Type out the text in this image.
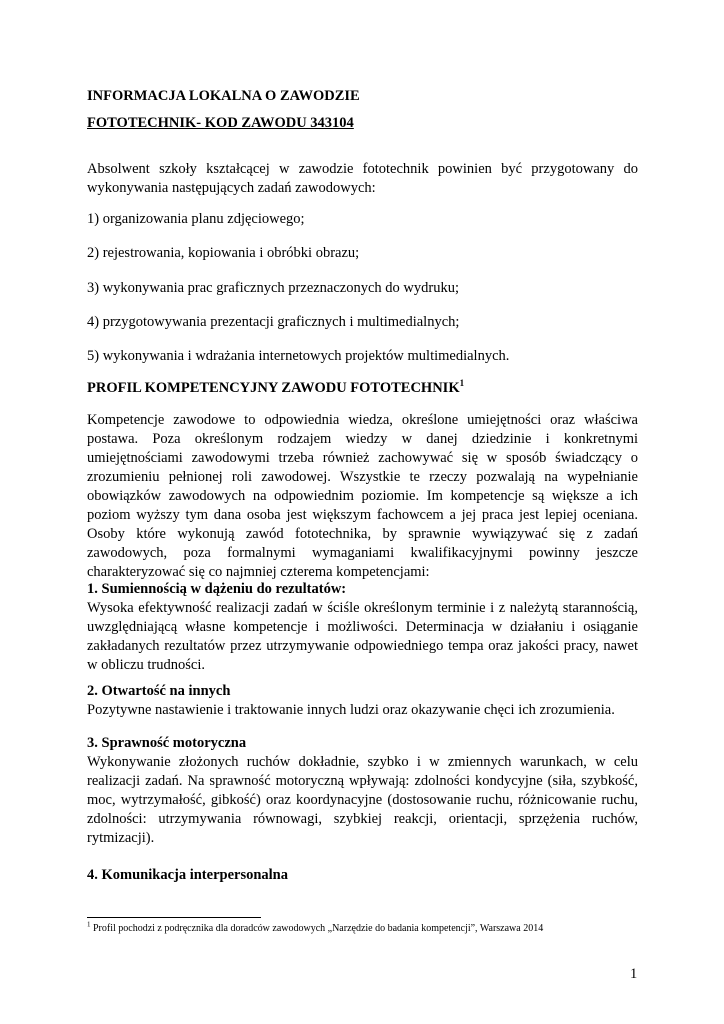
INFORMACJA LOKALNA O ZAWODZIE

FOTOTECHNIK- KOD ZAWODU 343104

Absolwent szkoły kształcącej w zawodzie fototechnik powinien być przygotowany do wykonywania następujących zadań zawodowych:

1) organizowania planu zdjęciowego;

2) rejestrowania, kopiowania i obróbki obrazu;

3) wykonywania prac graficznych przeznaczonych do wydruku;

4) przygotowywania prezentacji graficznych i multimedialnych;

5) wykonywania i wdrażania internetowych projektów multimedialnych.

PROFIL KOMPETENCYJNY ZAWODU FOTOTECHNIK$^1$

Kompetencje zawodowe to odpowiednia wiedza, określone umiejętności oraz właściwa postawa. Poza określonym rodzajem wiedzy w danej dziedzinie i konkretnymi umiejętnościami zawodowymi trzeba również zachowywać się w sposób świadczący o zrozumieniu pełnionej roli zawodowej. Wszystkie te rzeczy pozwalają na wypełnianie obowiązków zawodowych na odpowiednim poziomie. Im kompetencje są większe a ich poziom wyższy tym dana osoba jest większym fachowcem a jej praca jest lepiej oceniana. Osoby które wykonują zawód fototechnika, by sprawnie wywiązywać się z zadań zawodowych, poza formalnymi wymaganiami kwalifikacyjnymi powinny jeszcze charakteryzować się co najmniej czterema kompetencjami:

1. Sumiennością w dążeniu do rezultatów:

Wysoka efektywność realizacji zadań w ściśle określonym terminie i z należytą starannością, uwzględniającą własne kompetencje i możliwości. Determinacja w działaniu i osiąganie zakładanych rezultatów przez utrzymywanie odpowiedniego tempa oraz jakości pracy, nawet w obliczu trudności.

2. Otwartość na innych

Pozytywne nastawienie i traktowanie innych ludzi oraz okazywanie chęci ich zrozumienia.

3. Sprawność motoryczna

Wykonywanie złożonych ruchów dokładnie, szybko i w zmiennych warunkach, w celu realizacji zadań. Na sprawność motoryczną wpływają: zdolności kondycyjne (siła, szybkość, moc, wytrzymałość, gibkość) oraz koordynacyjne (dostosowanie ruchu, różnicowanie ruchu, zdolności: utrzymywania równowagi, szybkiej reakcji, orientacji, sprzężenia ruchów, rytmizacji).

4. Komunikacja interpersonalna

$^1$ Profil pochodzi z podręcznika dla doradców zawodowych „Narzędzie do badania kompetencji”, Warszawa 2014

1
